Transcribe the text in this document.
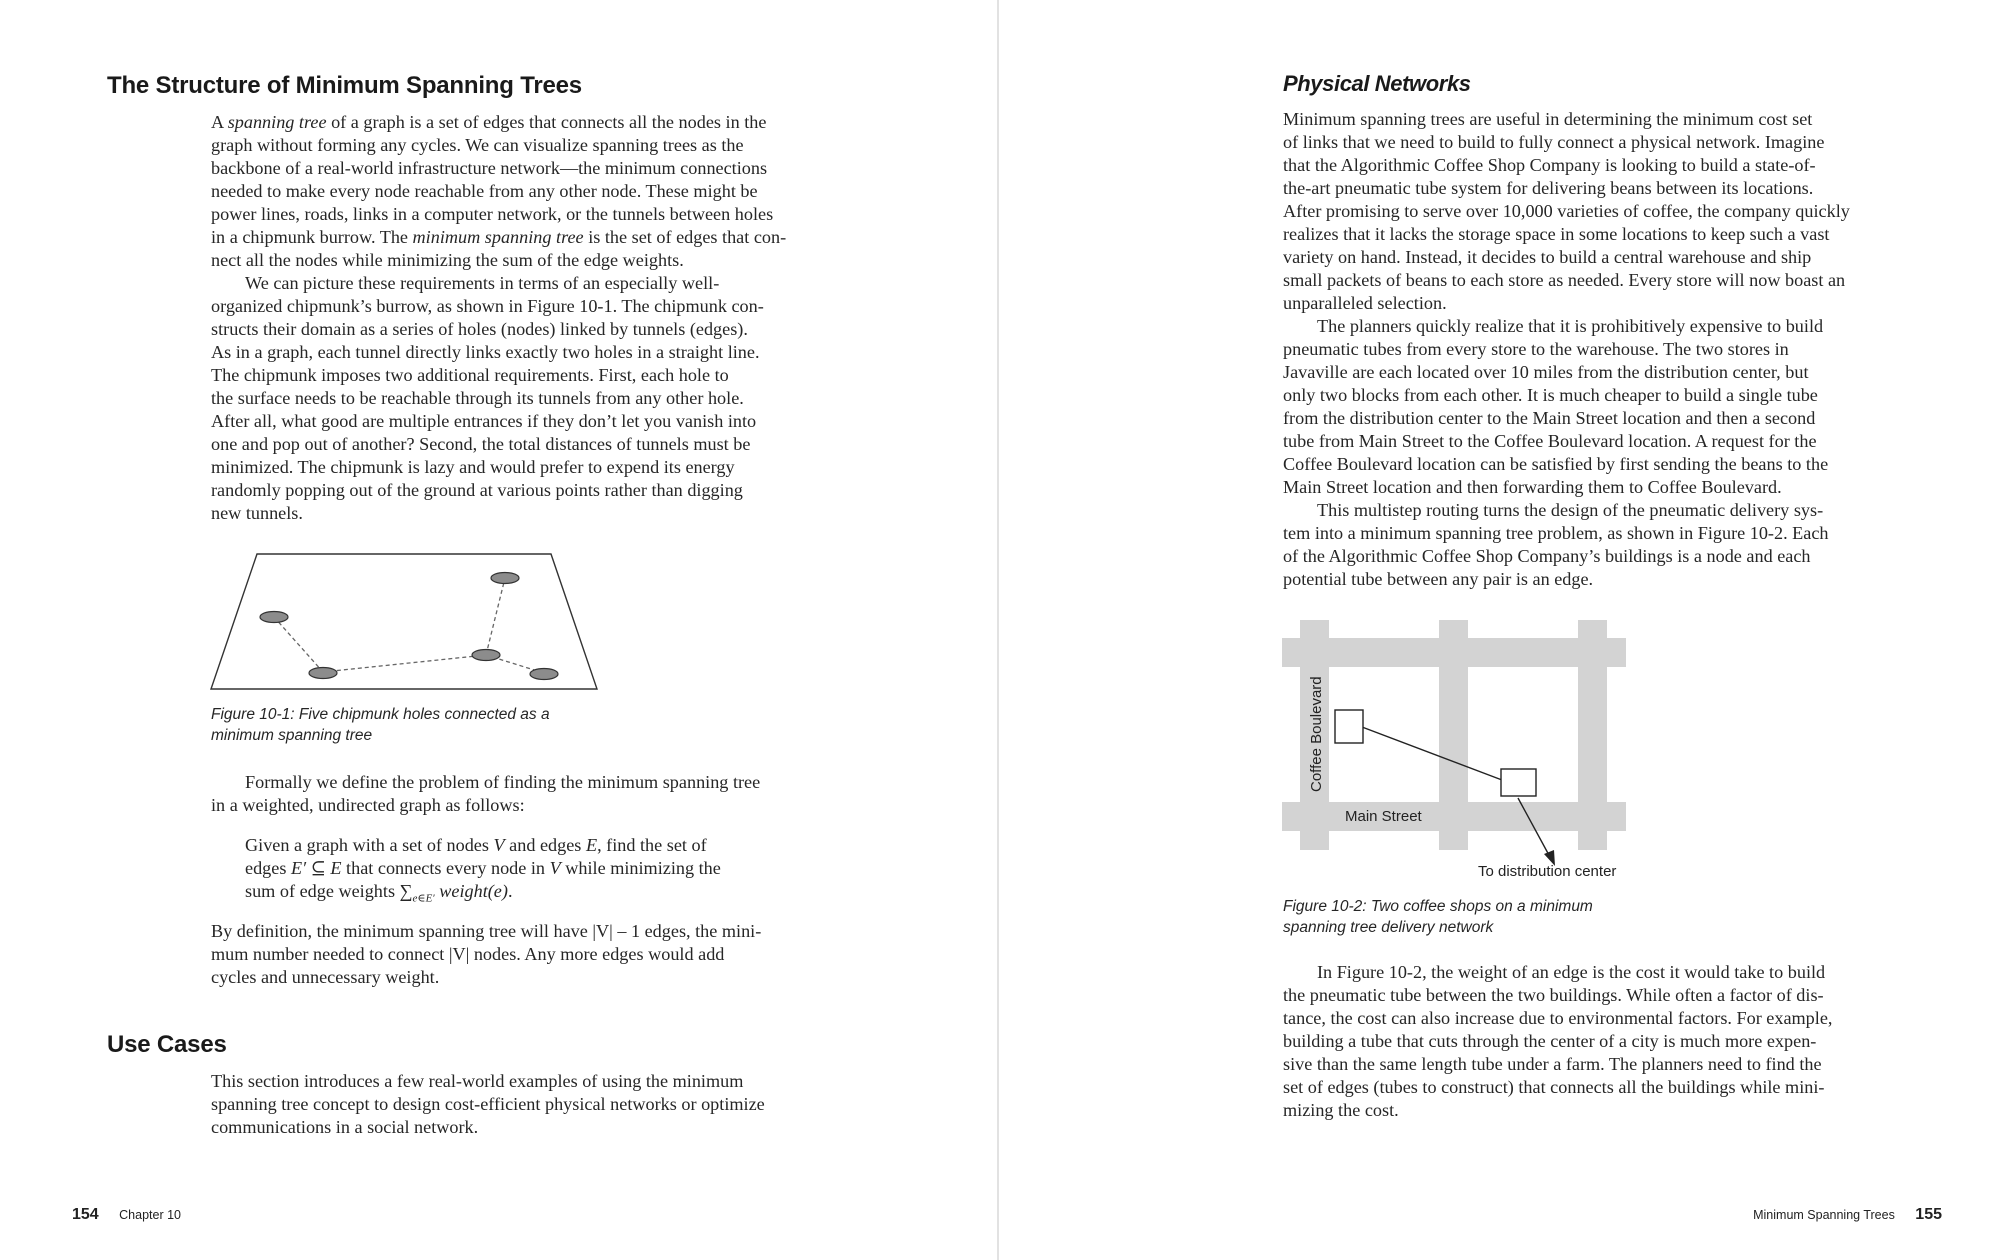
The Structure of Minimum Spanning Trees
A spanning tree of a graph is a set of edges that connects all the nodes in the
graph without forming any cycles. We can visualize spanning trees as the
backbone of a real-world infrastructure network—the minimum connections
needed to make every node reachable from any other node. These might be
power lines, roads, links in a computer network, or the tunnels between holes
in a chipmunk burrow. The minimum spanning tree is the set of edges that con-
nect all the nodes while minimizing the sum of the edge weights.
We can picture these requirements in terms of an especially well-
organized chipmunk’s burrow, as shown in Figure 10-1. The chipmunk con-
structs their domain as a series of holes (nodes) linked by tunnels (edges).
As in a graph, each tunnel directly links exactly two holes in a straight line.
The chipmunk imposes two additional requirements. First, each hole to
the surface needs to be reachable through its tunnels from any other hole.
After all, what good are multiple entrances if they don’t let you vanish into
one and pop out of another? Second, the total distances of tunnels must be
minimized. The chipmunk is lazy and would prefer to expend its energy
randomly popping out of the ground at various points rather than digging
new tunnels.
Figure 10-1: Five chipmunk holes connected as a
minimum spanning tree
Formally we define the problem of finding the minimum spanning tree
in a weighted, undirected graph as follows:
Given a graph with a set of nodes V and edges E, find the set of
edges E′ ⊆ E that connects every node in V while minimizing the
sum of edge weights $\sum_{e\in E'}$ weight(e).
By definition, the minimum spanning tree will have |V| – 1 edges, the mini-
mum number needed to connect |V| nodes. Any more edges would add
cycles and unnecessary weight.
Use Cases
This section introduces a few real-world examples of using the minimum
spanning tree concept to design cost-efficient physical networks or optimize
communications in a social network.
154 Chapter 10
Physical Networks
Minimum spanning trees are useful in determining the minimum cost set
of links that we need to build to fully connect a physical network. Imagine
that the Algorithmic Coffee Shop Company is looking to build a state-of-
the-art pneumatic tube system for delivering beans between its locations.
After promising to serve over 10,000 varieties of coffee, the company quickly
realizes that it lacks the storage space in some locations to keep such a vast
variety on hand. Instead, it decides to build a central warehouse and ship
small packets of beans to each store as needed. Every store will now boast an
unparalleled selection.
The planners quickly realize that it is prohibitively expensive to build
pneumatic tubes from every store to the warehouse. The two stores in
Javaville are each located over 10 miles from the distribution center, but
only two blocks from each other. It is much cheaper to build a single tube
from the distribution center to the Main Street location and then a second
tube from Main Street to the Coffee Boulevard location. A request for the
Coffee Boulevard location can be satisfied by first sending the beans to the
Main Street location and then forwarding them to Coffee Boulevard.
This multistep routing turns the design of the pneumatic delivery sys-
tem into a minimum spanning tree problem, as shown in Figure 10-2. Each
of the Algorithmic Coffee Shop Company’s buildings is a node and each
potential tube between any pair is an edge.
Coffee Boulevard
Main Street
To distribution center
Figure 10-2: Two coffee shops on a minimum
spanning tree delivery network
In Figure 10-2, the weight of an edge is the cost it would take to build
the pneumatic tube between the two buildings. While often a factor of dis-
tance, the cost can also increase due to environmental factors. For example,
building a tube that cuts through the center of a city is much more expen-
sive than the same length tube under a farm. The planners need to find the
set of edges (tubes to construct) that connects all the buildings while mini-
mizing the cost.
Minimum Spanning Trees 155
